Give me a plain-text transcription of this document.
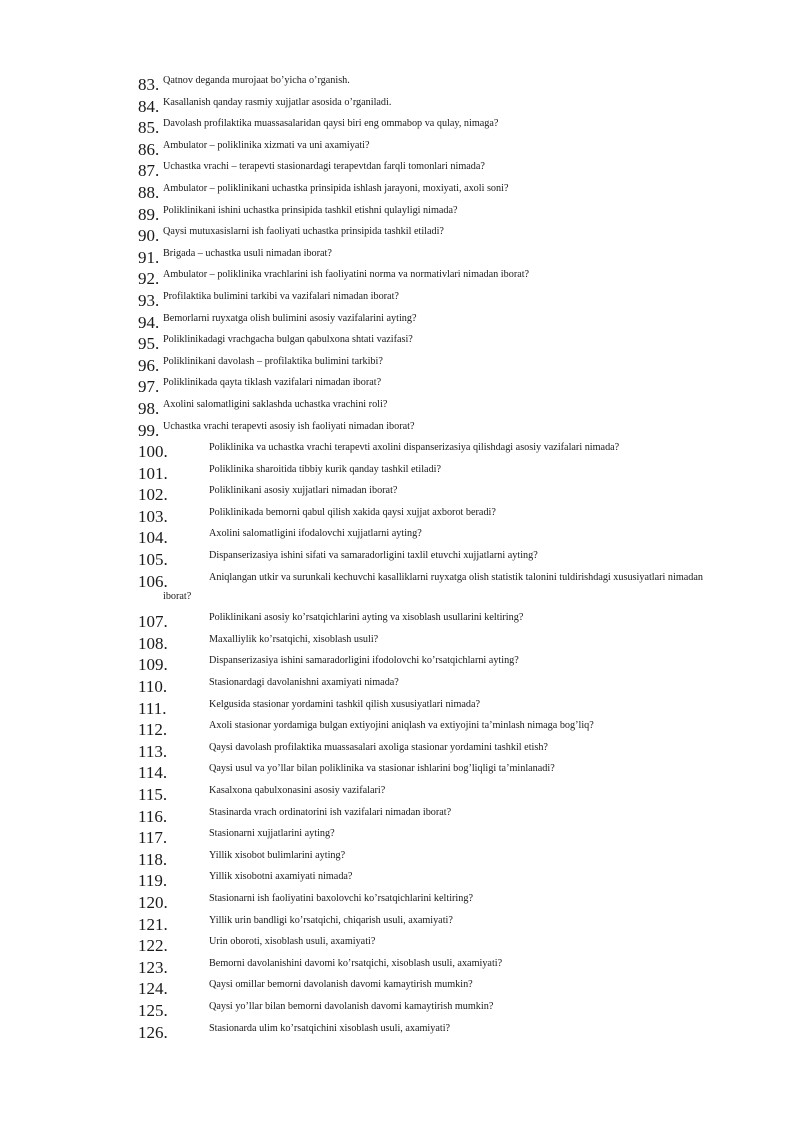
83. $^{Qatnov deganda murojaat bo’yicha o’rganish.}$
84. $^{Kasallanish qanday rasmiy xujjatlar asosida o’rganiladi.}$
85. $^{Davolash profilaktika muassasalaridan qaysi biri eng ommabop va qulay, nimaga?}$
86. $^{Ambulator - poliklinika xizmati va uni axamiyati?}$
87. $^{Uchastka vrachi - terapevti stasionardagi terapevtdan farqli tomonlari nimada?}$
88. $^{Ambulator - poliklinikani uchastka prinsipida ishlash jarayoni, moxiyati, axoli soni?}$
89. $^{Poliklinikani ishini uchastka prinsipida tashkil etishni qulayligi nimada?}$
90. $^{Qaysi mutuxasislarni ish faoliyati uchastka prinsipida tashkil etiladi?}$
91. $^{Brigada - uchastka usuli nimadan iborat?}$
92. $^{Ambulator - poliklinika vrachlarini ish faoliyatini norma va normativlari nimadan iborat?}$
93. $^{Profilaktika bulimini tarkibi va vazifalari nimadan iborat?}$
94. $^{Bemorlarni ruyxatga olish bulimini asosiy vazifalarini ayting?}$
95. $^{Poliklinikadagi vrachgacha bulgan qabulxona shtati vazifasi?}$
96. $^{Poliklinikani davolash - profilaktika bulimini tarkibi?}$
97. $^{Poliklinikada qayta tiklash vazifalari nimadan iborat?}$
98. $^{Axolini salomatligini saklashda uchastka vrachini roli?}$
99. $^{Uchastka vrachi terapevti asosiy ish faoliyati nimadan iborat?}$
100.	$^{Poliklinika va uchastka vrachi terapevti axolini dispanserizasiya qilishdagi asosiy vazifalari nimada?}$
101.	$^{Poliklinika sharoitida tibbiy kurik qanday tashkil etiladi?}$
102.	$^{Poliklinikani asosiy xujjatlari nimadan iborat?}$
103.	$^{Poliklinikada bemorni qabul qilish xakida qaysi xujjat axborot beradi?}$
104.	$^{Axolini salomatligini ifodalovchi xujjatlarni ayting?}$
105.	$^{Dispanserizasiya ishini sifati va samaradorligini taxlil etuvchi xujjatlarni ayting?}$
106.	$^{Aniqlangan utkir va surunkali kechuvchi kasalliklarni ruyxatga olish statistik talonini tuldirishdagi xususiyatlari nimadan}$
iborat?
107.	$^{Poliklinikani asosiy ko’rsatqichlarini ayting va xisoblash usullarini keltiring?}$
108.	$^{Maxalliylik ko’rsatqichi, xisoblash usuli?}$
109.	$^{Dispanserizasiya ishini samaradorligini ifodolovchi ko’rsatqichlarni ayting?}$
110.	$^{Stasionardagi davolanishni axamiyati nimada?}$
111.	$^{Kelgusida stasionar yordamini tashkil qilish xususiyatlari nimada?}$
112.	$^{Axoli stasionar yordamiga bulgan extiyojini aniqlash va extiyojini ta’minlash nimaga bog’liq?}$
113.	$^{Qaysi davolash profilaktika muassasalari axoliga stasionar yordamini tashkil etish?}$
114.	$^{Qaysi usul va yo’llar bilan poliklinika va stasionar ishlarini bog’liqligi ta’minlanadi?}$
115.	$^{Kasalxona qabulxonasini asosiy vazifalari?}$
116.	$^{Stasinarda vrach ordinatorini ish vazifalari nimadan iborat?}$
117.	$^{Stasionarni xujjatlarini ayting?}$
118.	$^{Yillik xisobot bulimlarini ayting?}$
119.	$^{Yillik xisobotni axamiyati nimada?}$
120.	$^{Stasionarni ish faoliyatini baxolovchi ko’rsatqichlarini keltiring?}$
121.	$^{Yillik urin bandligi ko’rsatqichi, chiqarish usuli, axamiyati?}$
122.	$^{Urin oboroti, xisoblash usuli, axamiyati?}$
123.	$^{Bemorni davolanishini davomi ko’rsatqichi, xisoblash usuli, axamiyati?}$
124.	$^{Qaysi omillar bemorni davolanish davomi kamaytirish mumkin?}$
125.	$^{Qaysi yo’llar bilan bemorni davolanish davomi kamaytirish mumkin?}$
126.	$^{Stasionarda ulim ko’rsatqichini xisoblash usuli, axamiyati?}$
